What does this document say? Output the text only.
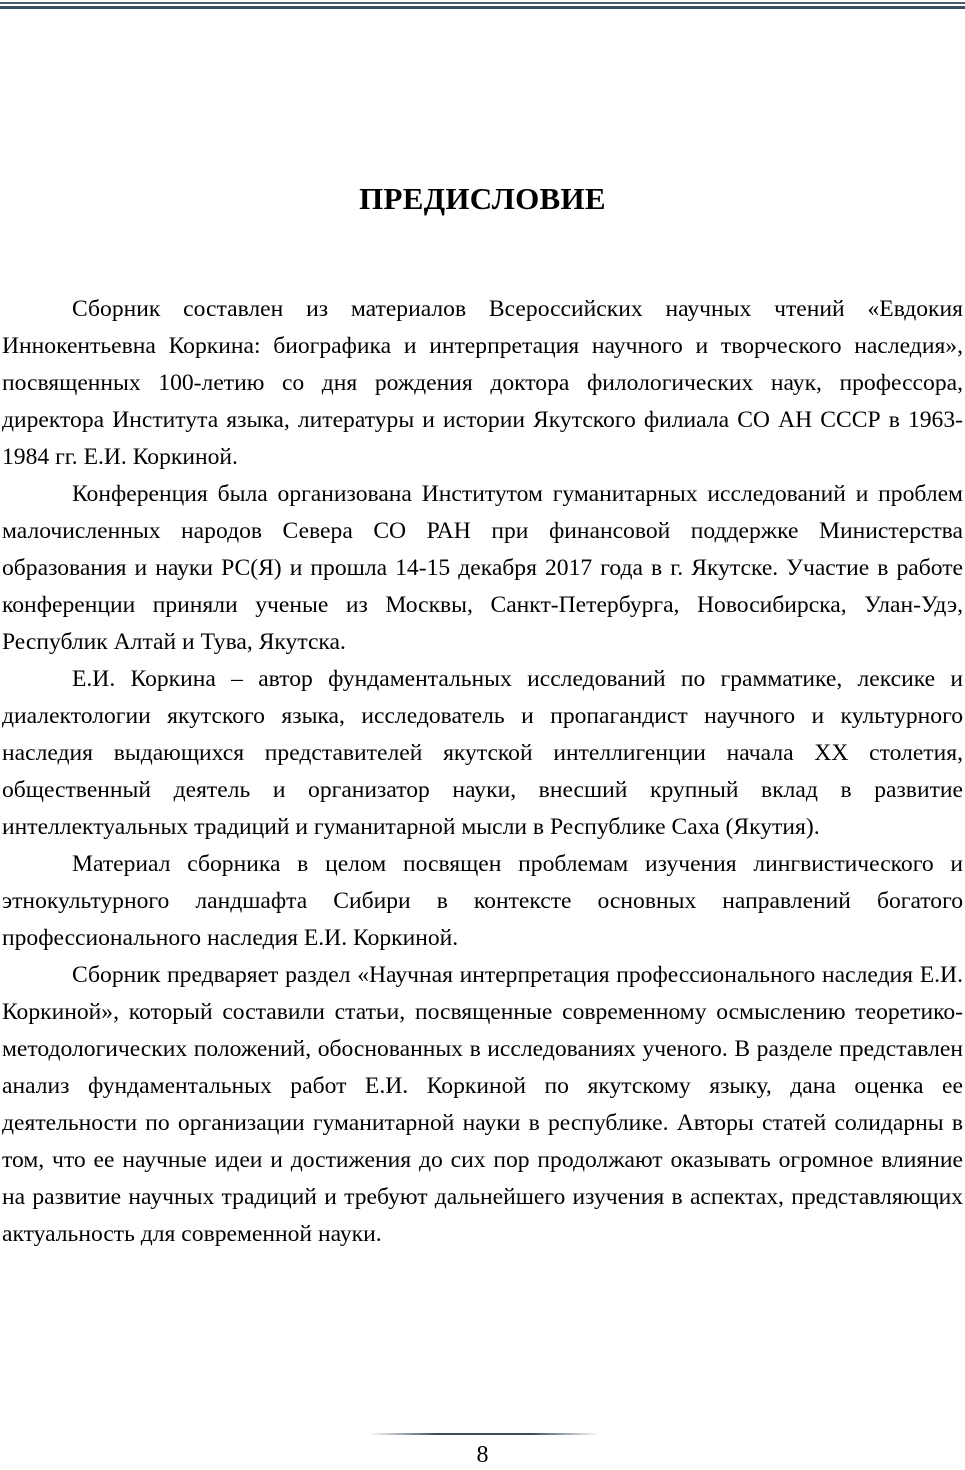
ПРЕДИСЛОВИЕ

Сборник составлен из материалов Всероссийских научных чтений «Евдокия Иннокентьевна Коркина: биографика и интерпретация научного и творческого наследия», посвященных 100-летию со дня рождения доктора филологических наук, профессора, директора Института языка, литературы и истории Якутского филиала СО АН СССР в 1963-1984 гг. Е.И. Коркиной.

Конференция была организована Институтом гуманитарных исследований и проблем малочисленных народов Севера СО РАН при финансовой поддержке Министерства образования и науки РС(Я) и прошла 14-15 декабря 2017 года в г. Якутске. Участие в работе конференции приняли ученые из Москвы, Санкт-Петербурга, Новосибирска, Улан-Удэ, Республик Алтай и Тува, Якутска.

Е.И. Коркина – автор фундаментальных исследований по грамматике, лексике и диалектологии якутского языка, исследователь и пропагандист научного и культурного наследия выдающихся представителей якутской интеллигенции начала XX столетия, общественный деятель и организатор науки, внесший крупный вклад в развитие интеллектуальных традиций и гуманитарной мысли в Республике Саха (Якутия).

Материал сборника в целом посвящен проблемам изучения лингвистического и этнокультурного ландшафта Сибири в контексте основных направлений богатого профессионального наследия Е.И. Коркиной.

Сборник предваряет раздел «Научная интерпретация профессионального наследия Е.И. Коркиной», который составили статьи, посвященные современному осмыслению теоретико-методологических положений, обоснованных в исследованиях ученого. В разделе представлен анализ фундаментальных работ Е.И. Коркиной по якутскому языку, дана оценка ее деятельности по организации гуманитарной науки в республике. Авторы статей солидарны в том, что ее научные идеи и достижения до сих пор продолжают оказывать огромное влияние на развитие научных традиций и требуют дальнейшего изучения в аспектах, представляющих актуальность для современной науки.

8
